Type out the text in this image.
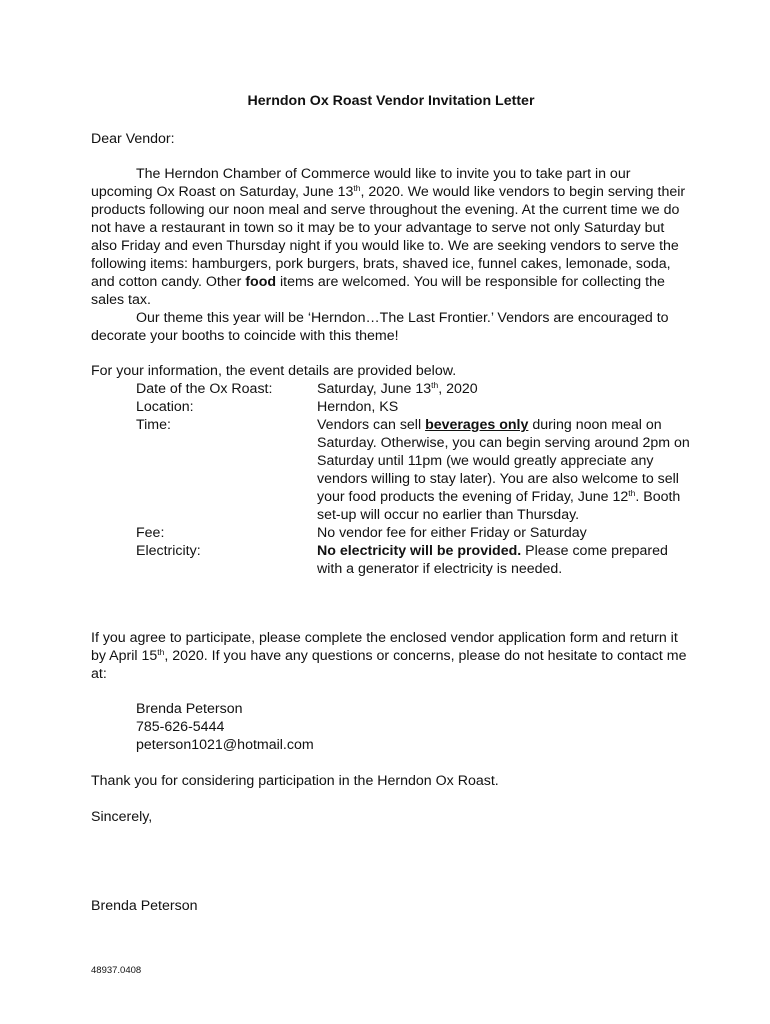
Herndon Ox Roast Vendor Invitation Letter
Dear Vendor:
The Herndon Chamber of Commerce would like to invite you to take part in our upcoming Ox Roast on Saturday, June 13th, 2020. We would like vendors to begin serving their products following our noon meal and serve throughout the evening. At the current time we do not have a restaurant in town so it may be to your advantage to serve not only Saturday but also Friday and even Thursday night if you would like to. We are seeking vendors to serve the following items: hamburgers, pork burgers, brats, shaved ice, funnel cakes, lemonade, soda, and cotton candy. Other food items are welcomed. You will be responsible for collecting the sales tax.
Our theme this year will be ‘Herndon…The Last Frontier.’ Vendors are encouraged to decorate your booths to coincide with this theme!
For your information, the event details are provided below.
Date of the Ox Roast:	Saturday, June 13th, 2020
Location:	Herndon, KS
Time:	Vendors can sell beverages only during noon meal on Saturday. Otherwise, you can begin serving around 2pm on Saturday until 11pm (we would greatly appreciate any vendors willing to stay later). You are also welcome to sell your food products the evening of Friday, June 12th. Booth set-up will occur no earlier than Thursday.
Fee:	No vendor fee for either Friday or Saturday
Electricity:	No electricity will be provided. Please come prepared with a generator if electricity is needed.
If you agree to participate, please complete the enclosed vendor application form and return it by April 15th, 2020. If you have any questions or concerns, please do not hesitate to contact me at:
Brenda Peterson
785-626-5444
peterson1021@hotmail.com
Thank you for considering participation in the Herndon Ox Roast.
Sincerely,
Brenda Peterson
48937.0408
